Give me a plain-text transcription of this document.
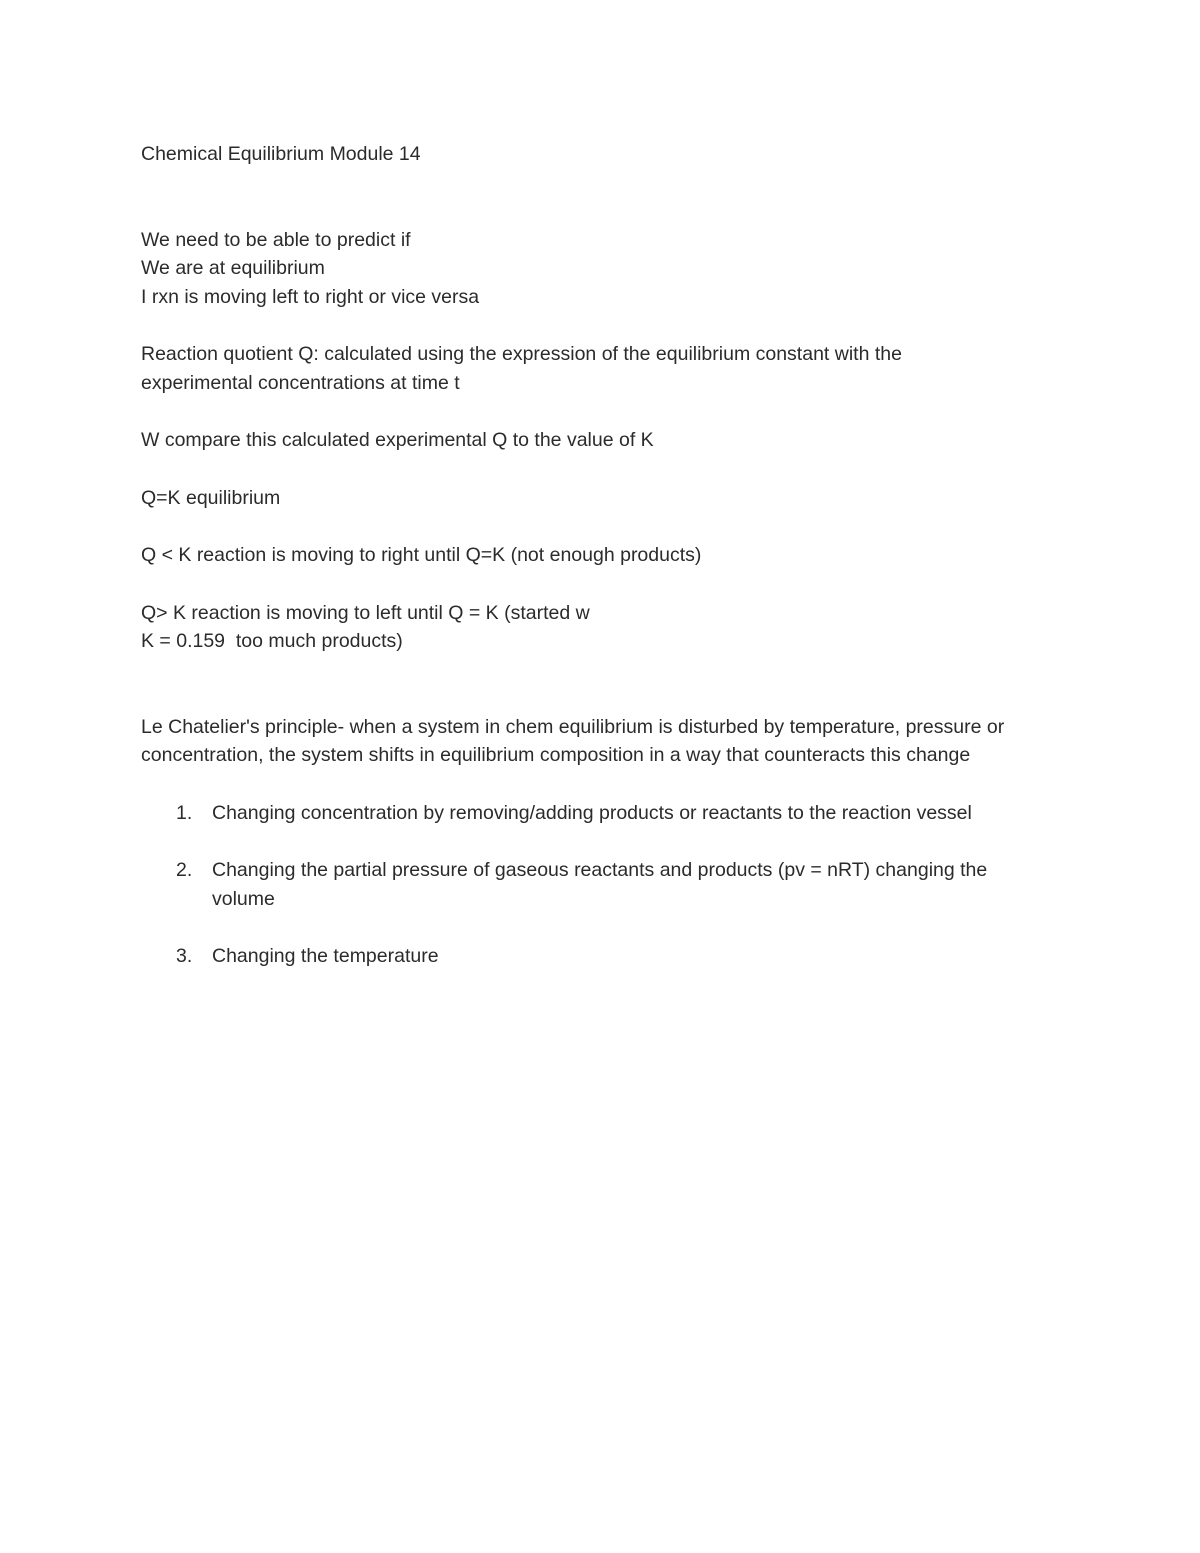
Chemical Equilibrium Module 14

We need to be able to predict if

We are at equilibrium

I rxn is moving left to right or vice versa

Reaction quotient Q: calculated using the expression of the equilibrium constant with the experimental concentrations at time t

W compare this calculated experimental Q to the value of K

Q=K equilibrium

Q < K reaction is moving to right until Q=K (not enough products)

Q> K reaction is moving to left until Q = K (started w

K = 0.159  too much products)

Le Chatelier's principle- when a system in chem equilibrium is disturbed by temperature, pressure or concentration, the system shifts in equilibrium composition in a way that counteracts this change

1. Changing concentration by removing/adding products or reactants to the reaction vessel
2. Changing the partial pressure of gaseous reactants and products (pv = nRT) changing the volume
3. Changing the temperature
